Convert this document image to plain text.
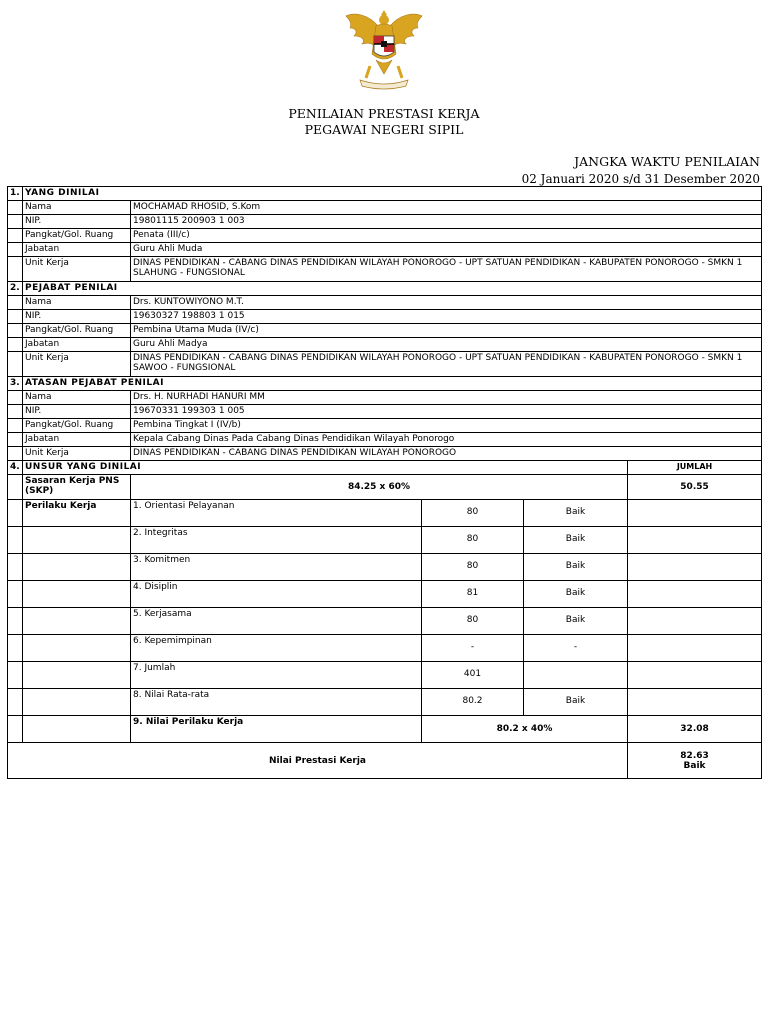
PENILAIAN PRESTASI KERJA
PEGAWAI NEGERI SIPIL
JANGKA WAKTU PENILAIAN
02 Januari 2020 s/d 31 Desember 2020
1.	YANG DINILAI				
	Nama	MOCHAMAD RHOSID, S.Kom			
	NIP.	19801115 200903 1 003			
	Pangkat/Gol. Ruang	Penata (III/c)			
	Jabatan	Guru Ahli Muda			
	Unit Kerja	DINAS PENDIDIKAN - CABANG DINAS PENDIDIKAN WILAYAH PONOROGO - UPT SATUAN PENDIDIKAN - KABUPATEN PONOROGO - SMKN 1 SLAHUNG - FUNGSIONAL			
2.	PEJABAT PENILAI				
	Nama	Drs. KUNTOWIYONO M.T.			
	NIP.	19630327 198803 1 015			
	Pangkat/Gol. Ruang	Pembina Utama Muda (IV/c)			
	Jabatan	Guru Ahli Madya			
	Unit Kerja	DINAS PENDIDIKAN - CABANG DINAS PENDIDIKAN WILAYAH PONOROGO - UPT SATUAN PENDIDIKAN - KABUPATEN PONOROGO - SMKN 1 SAWOO - FUNGSIONAL			
3.	ATASAN PEJABAT PENILAI				
	Nama	Drs. H. NURHADI HANURI MM			
	NIP.	19670331 199303 1 005			
	Pangkat/Gol. Ruang	Pembina Tingkat I (IV/b)			
	Jabatan	Kepala Cabang Dinas Pada Cabang Dinas Pendidikan Wilayah Ponorogo			
	Unit Kerja	DINAS PENDIDIKAN - CABANG DINAS PENDIDIKAN WILAYAH PONOROGO			
4.	UNSUR YANG DINILAI				JUMLAH
	Sasaran Kerja PNS (SKP)	84.25 x 60%			50.55
	Perilaku Kerja	1. Orientasi Pelayanan	80	Baik	

		2. Integritas	80	Baik	

		3. Komitmen	80	Baik	

		4. Disiplin	81	Baik	

		5. Kerjasama	80	Baik	

		6. Kepemimpinan	-	-	

		7. Jumlah	401		

		8. Nilai Rata-rata	80.2	Baik	

		9. Nilai Perilaku Kerja	80.2 x 40%		32.08
Nilai Prestasi Kerja					82.63
Baik
